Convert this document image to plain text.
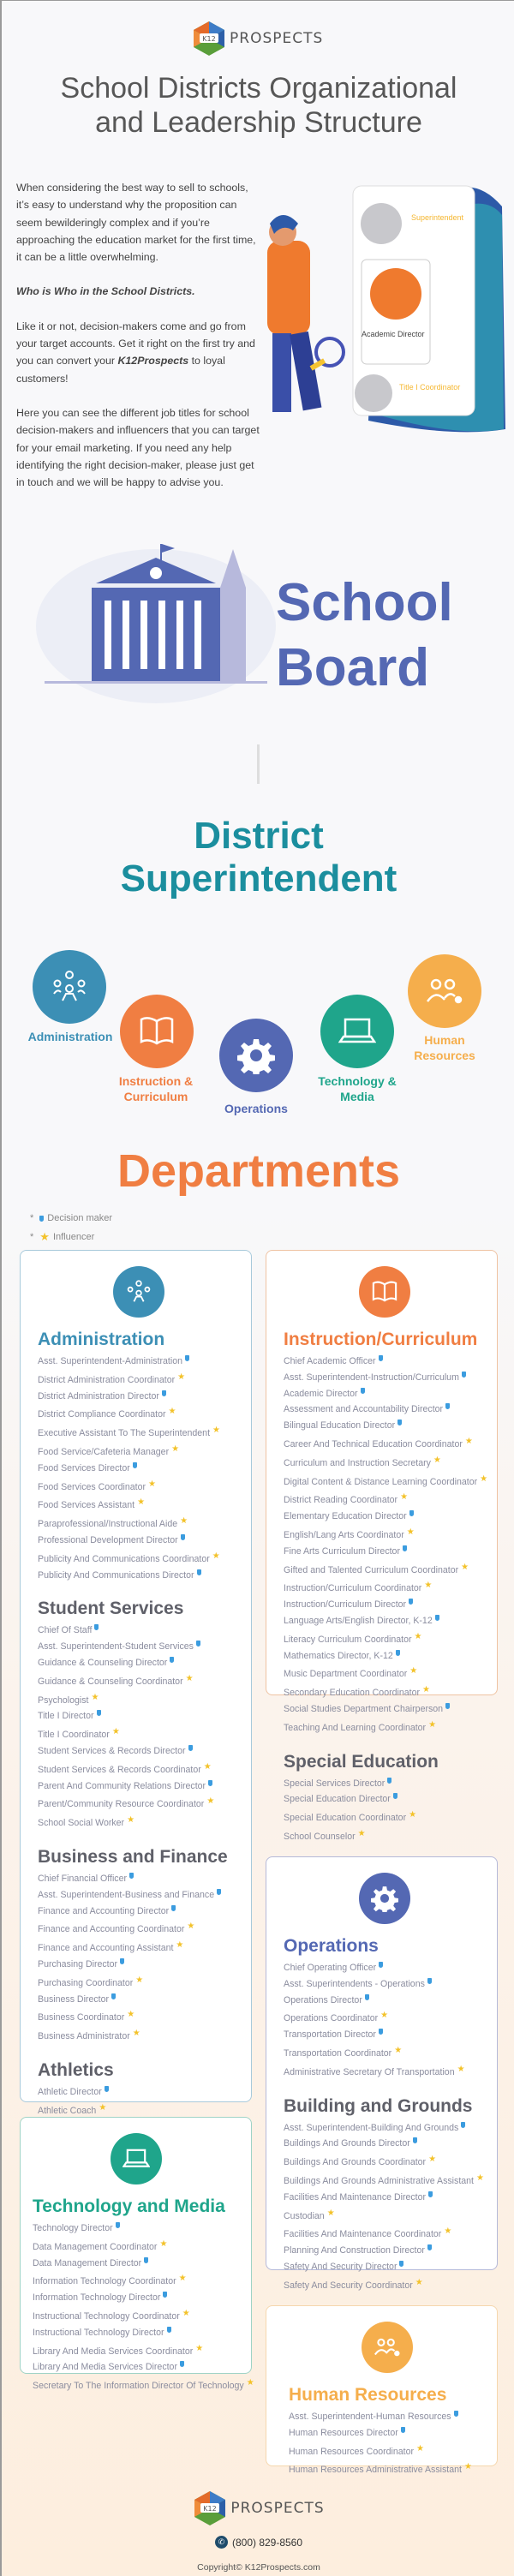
K12 PROSPECTS
School Districts Organizational
and Leadership Structure

When considering the best way to sell to schools, it’s easy to understand why the proposition can seem bewilderingly complex and if you’re approaching the education market for the first time, it can be a little overwhelming.

Who is Who in the School Districts.

Like it or not, decision-makers come and go from your target accounts. Get it right on the first try and you can convert your K12Prospects to loyal customers!

Here you can see the different job titles for school decision-makers and influencers that you can target for your email marketing. If you need any help identifying the right decision-maker, please just get in touch and we will be happy to advise you.

Superintendent
Academic Director
Title I Coordinator
School
Board
District
Superintendent
Administration
Instruction & Curriculum
Operations
Technology & Media
Human Resources
Departments
* Decision maker
* ★ Influencer
Administration
Asst. Superintendent-Administration
District Administration Coordinator ★
District Administration Director
District Compliance Coordinator ★
Executive Assistant To The Superintendent ★
Food Service/Cafeteria Manager ★
Food Services Director
Food Services Coordinator ★
Food Services Assistant ★
Paraprofessional/Instructional Aide ★
Professional Development Director
Publicity And Communications Coordinator ★
Publicity And Communications Director
Student Services
Chief Of Staff
Asst. Superintendent-Student Services
Guidance & Counseling Director
Guidance & Counseling Coordinator ★
Psychologist ★
Title I Director
Title I Coordinator ★
Student Services & Records Director
Student Services & Records Coordinator ★
Parent And Community Relations Director
Parent/Community Resource Coordinator ★
School Social Worker ★
Business and Finance
Chief Financial Officer
Asst. Superintendent-Business and Finance
Finance and Accounting Director
Finance and Accounting Coordinator ★
Finance and Accounting Assistant ★
Purchasing Director
Purchasing Coordinator ★
Business Director
Business Coordinator ★
Business Administrator ★
Athletics
Athletic Director
Athletic Coach ★
Instruction/Curriculum
Chief Academic Officer
Asst. Superintendent-Instruction/Curriculum
Academic Director
Assessment and Accountability Director
Bilingual Education Director
Career And Technical Education Coordinator ★
Curriculum and Instruction Secretary ★
Digital Content & Distance Learning Coordinator ★
District Reading Coordinator ★
Elementary Education Director
English/Lang Arts Coordinator ★
Fine Arts Curriculum Director
Gifted and Talented Curriculum Coordinator ★
Instruction/Curriculum Coordinator ★
Instruction/Curriculum Director
Language Arts/English Director, K-12
Literacy Curriculum Coordinator ★
Mathematics Director, K-12
Music Department Coordinator ★
Secondary Education Coordinator ★
Social Studies Department Chairperson
Teaching And Learning Coordinator ★
Special Education
Special Services Director
Special Education Director
Special Education Coordinator ★
School Counselor ★
Operations
Chief Operating Officer
Asst. Superintendents - Operations
Operations Director
Operations Coordinator ★
Transportation Director
Transportation Coordinator ★
Administrative Secretary Of Transportation ★
Building and Grounds
Asst. Superintendent-Building And Grounds
Buildings And Grounds Director
Buildings And Grounds Coordinator ★
Buildings And Grounds Administrative Assistant ★
Facilities And Maintenance Director
Custodian ★
Facilities And Maintenance Coordinator ★
Planning And Construction Director
Safety And Security Director
Safety And Security Coordinator ★
Technology and Media
Technology Director
Data Management Coordinator ★
Data Management Director
Information Technology Coordinator ★
Information Technology Director
Instructional Technology Coordinator ★
Instructional Technology Director
Library And Media Services Coordinator ★
Library And Media Services Director
Secretary To The Information Director Of Technology ★
Human Resources
Asst. Superintendent-Human Resources
Human Resources Director
Human Resources Coordinator ★
Human Resources Administrative Assistant ★
K12 PROSPECTS
✆ (800) 829-8560
Copyright© K12Prospects.com
